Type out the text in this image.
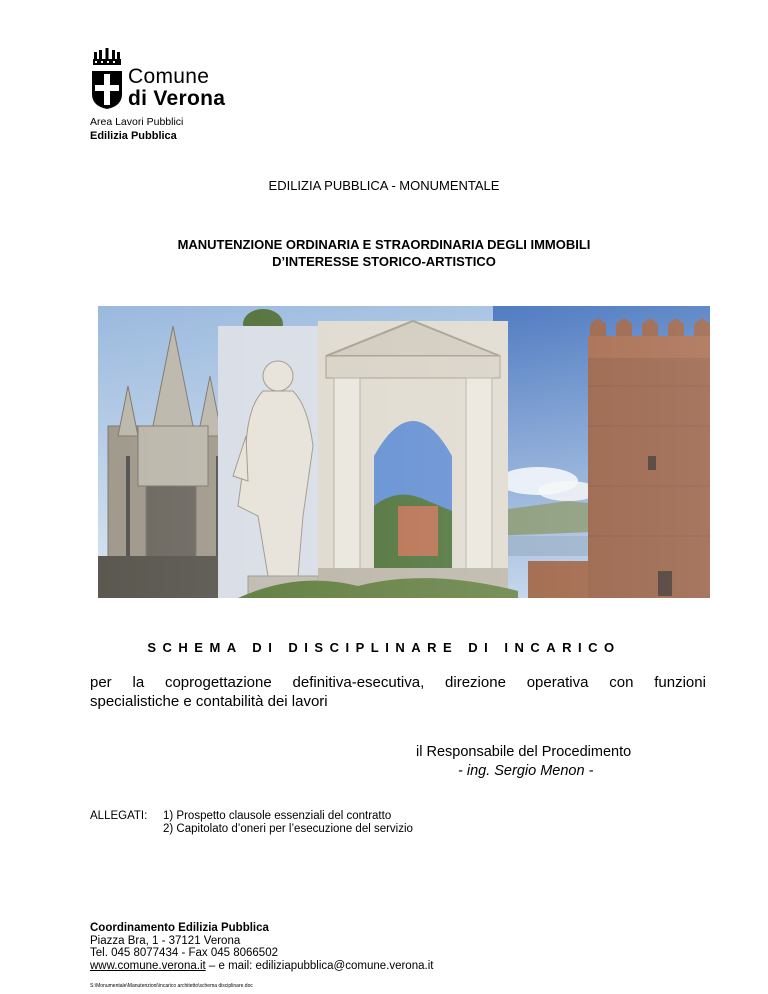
Comune
di Verona
Area Lavori Pubblici
Edilizia Pubblica
EDILIZIA PUBBLICA - MONUMENTALE
MANUTENZIONE ORDINARIA E STRAORDINARIA DEGLI IMMOBILI
D’INTERESSE STORICO-ARTISTICO
SCHEMA DI DISCIPLINARE DI INCARICO
per la coprogettazione definitiva-esecutiva, direzione operativa con funzioni
specialistiche e contabilità dei lavori
il Responsabile del Procedimento
- ing. Sergio Menon -
ALLEGATI: 1) Prospetto clausole essenziali del contratto
2) Capitolato d’oneri per l’esecuzione del servizio
Coordinamento Edilizia Pubblica
Piazza Bra, 1 - 37121 Verona
Tel. 045 8077434 - Fax 045 8066502
www.comune.verona.it – e mail: ediliziapubblica@comune.verona.it
S:\Monumentale\Manutenzioni\incarico architetto\schema disciplinare.doc
